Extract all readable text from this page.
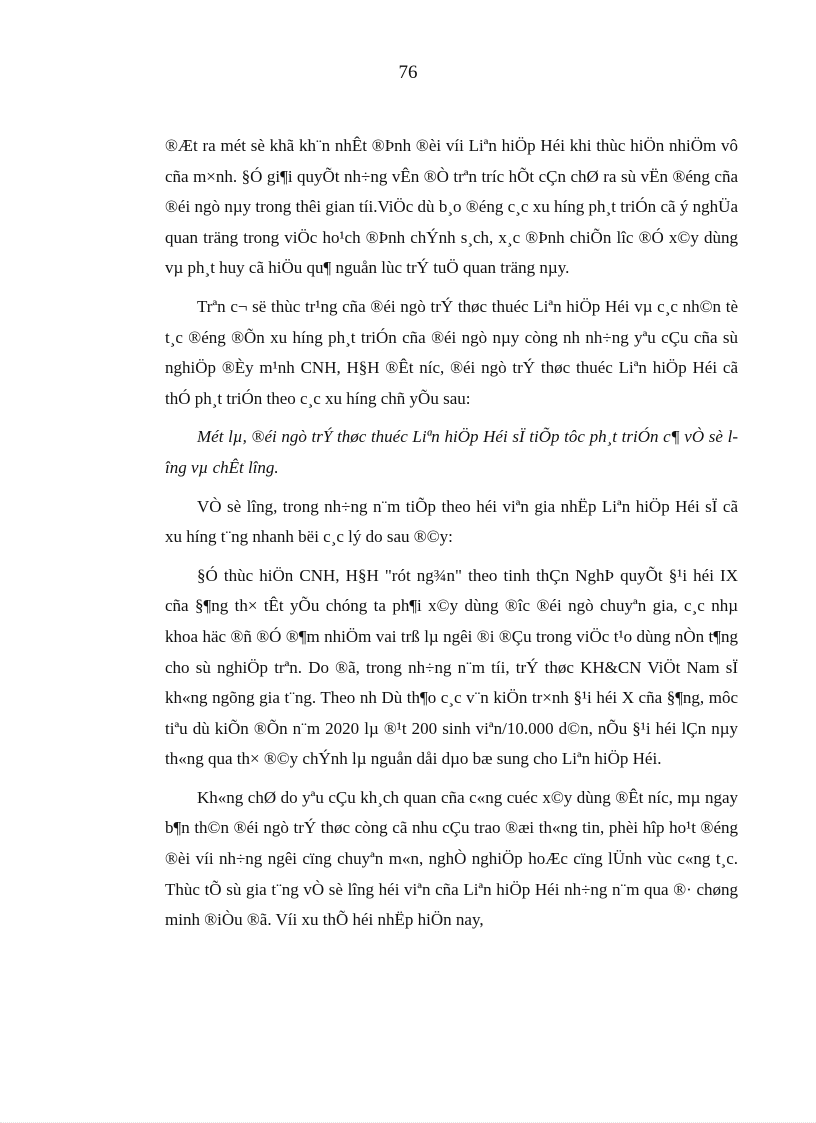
76

®Æt ra mét sè khã kh¨n nhÊt ®Þnh ®èi víi Liªn hiÖp Héi khi thùc hiÖn nhiÖm vô cña m×nh. §Ó gi¶i quyÕt nh÷ng vÊn ®Ò trªn tríc hÕt cÇn chØ ra sù vËn ®éng cña ®éi ngò nµy trong thêi gian tíi.ViÖc dù b¸o ®éng c¸c xu híng ph¸t triÓn cã ý nghÜa quan träng trong viÖc ho¹ch ®Þnh chÝnh s¸ch, x¸c ®Þnh chiÕn lîc ®Ó x©y dùng vµ ph¸t huy cã hiÖu qu¶ nguån lùc trÝ tuÖ quan träng nµy.

Trªn c¬ së thùc tr¹ng cña ®éi ngò trÝ thøc thuéc Liªn hiÖp Héi vµ c¸c nh©n tè t¸c ®éng ®Õn xu híng ph¸t triÓn cña ®éi ngò nµy còng nh nh÷ng yªu cÇu cña sù nghiÖp ®Èy m¹nh CNH, H§H ®Êt níc, ®éi ngò trÝ thøc thuéc Liªn hiÖp Héi cã thÓ ph¸t triÓn theo c¸c xu híng chñ yÕu sau:

Mét lµ, ®éi ngò trÝ thøc thuéc Liªn hiÖp Héi sÏ tiÕp tôc ph¸t triÓn c¶ vÒ sè lîng vµ chÊt lîng.

VÒ sè lîng, trong nh÷ng n¨m tiÕp theo héi viªn gia nhËp Liªn hiÖp Héi sÏ cã xu híng t¨ng nhanh bëi c¸c lý do sau ®©y:

§Ó thùc hiÖn CNH, H§H "rót ng¾n" theo tinh thÇn NghÞ quyÕt §¹i héi IX cña §¶ng th× tÊt yÕu chóng ta ph¶i x©y dùng ®îc ®éi ngò chuyªn gia, c¸c nhµ khoa häc ®ñ ®Ó ®¶m nhiÖm vai trß lµ ngêi ®i ®Çu trong viÖc t¹o dùng nÒn t¶ng cho sù nghiÖp trªn. Do ®ã, trong nh÷ng n¨m tíi, trÝ thøc KH&CN ViÖt Nam sÏ kh«ng ngõng gia t¨ng. Theo nh Dù th¶o c¸c v¨n kiÖn tr×nh §¹i héi X cña §¶ng, môc tiªu dù kiÕn ®Õn n¨m 2020 lµ ®¹t 200 sinh viªn/10.000 d©n, nÕu §¹i héi lÇn nµy th«ng qua th× ®©y chÝnh lµ nguån dåi dµo bæ sung cho Liªn hiÖp Héi.

Kh«ng chØ do yªu cÇu kh¸ch quan cña c«ng cuéc x©y dùng ®Êt níc, mµ ngay b¶n th©n ®éi ngò trÝ thøc còng cã nhu cÇu trao ®æi th«ng tin, phèi hîp ho¹t ®éng ®èi víi nh÷ng ngêi cïng chuyªn m«n, nghÒ nghiÖp hoÆc cïng lÜnh vùc c«ng t¸c. Thùc tÕ sù gia t¨ng vÒ sè lîng héi viªn cña Liªn hiÖp Héi nh÷ng n¨m qua ®· chøng minh ®iÒu ®ã. Víi xu thÕ héi nhËp hiÖn nay,
